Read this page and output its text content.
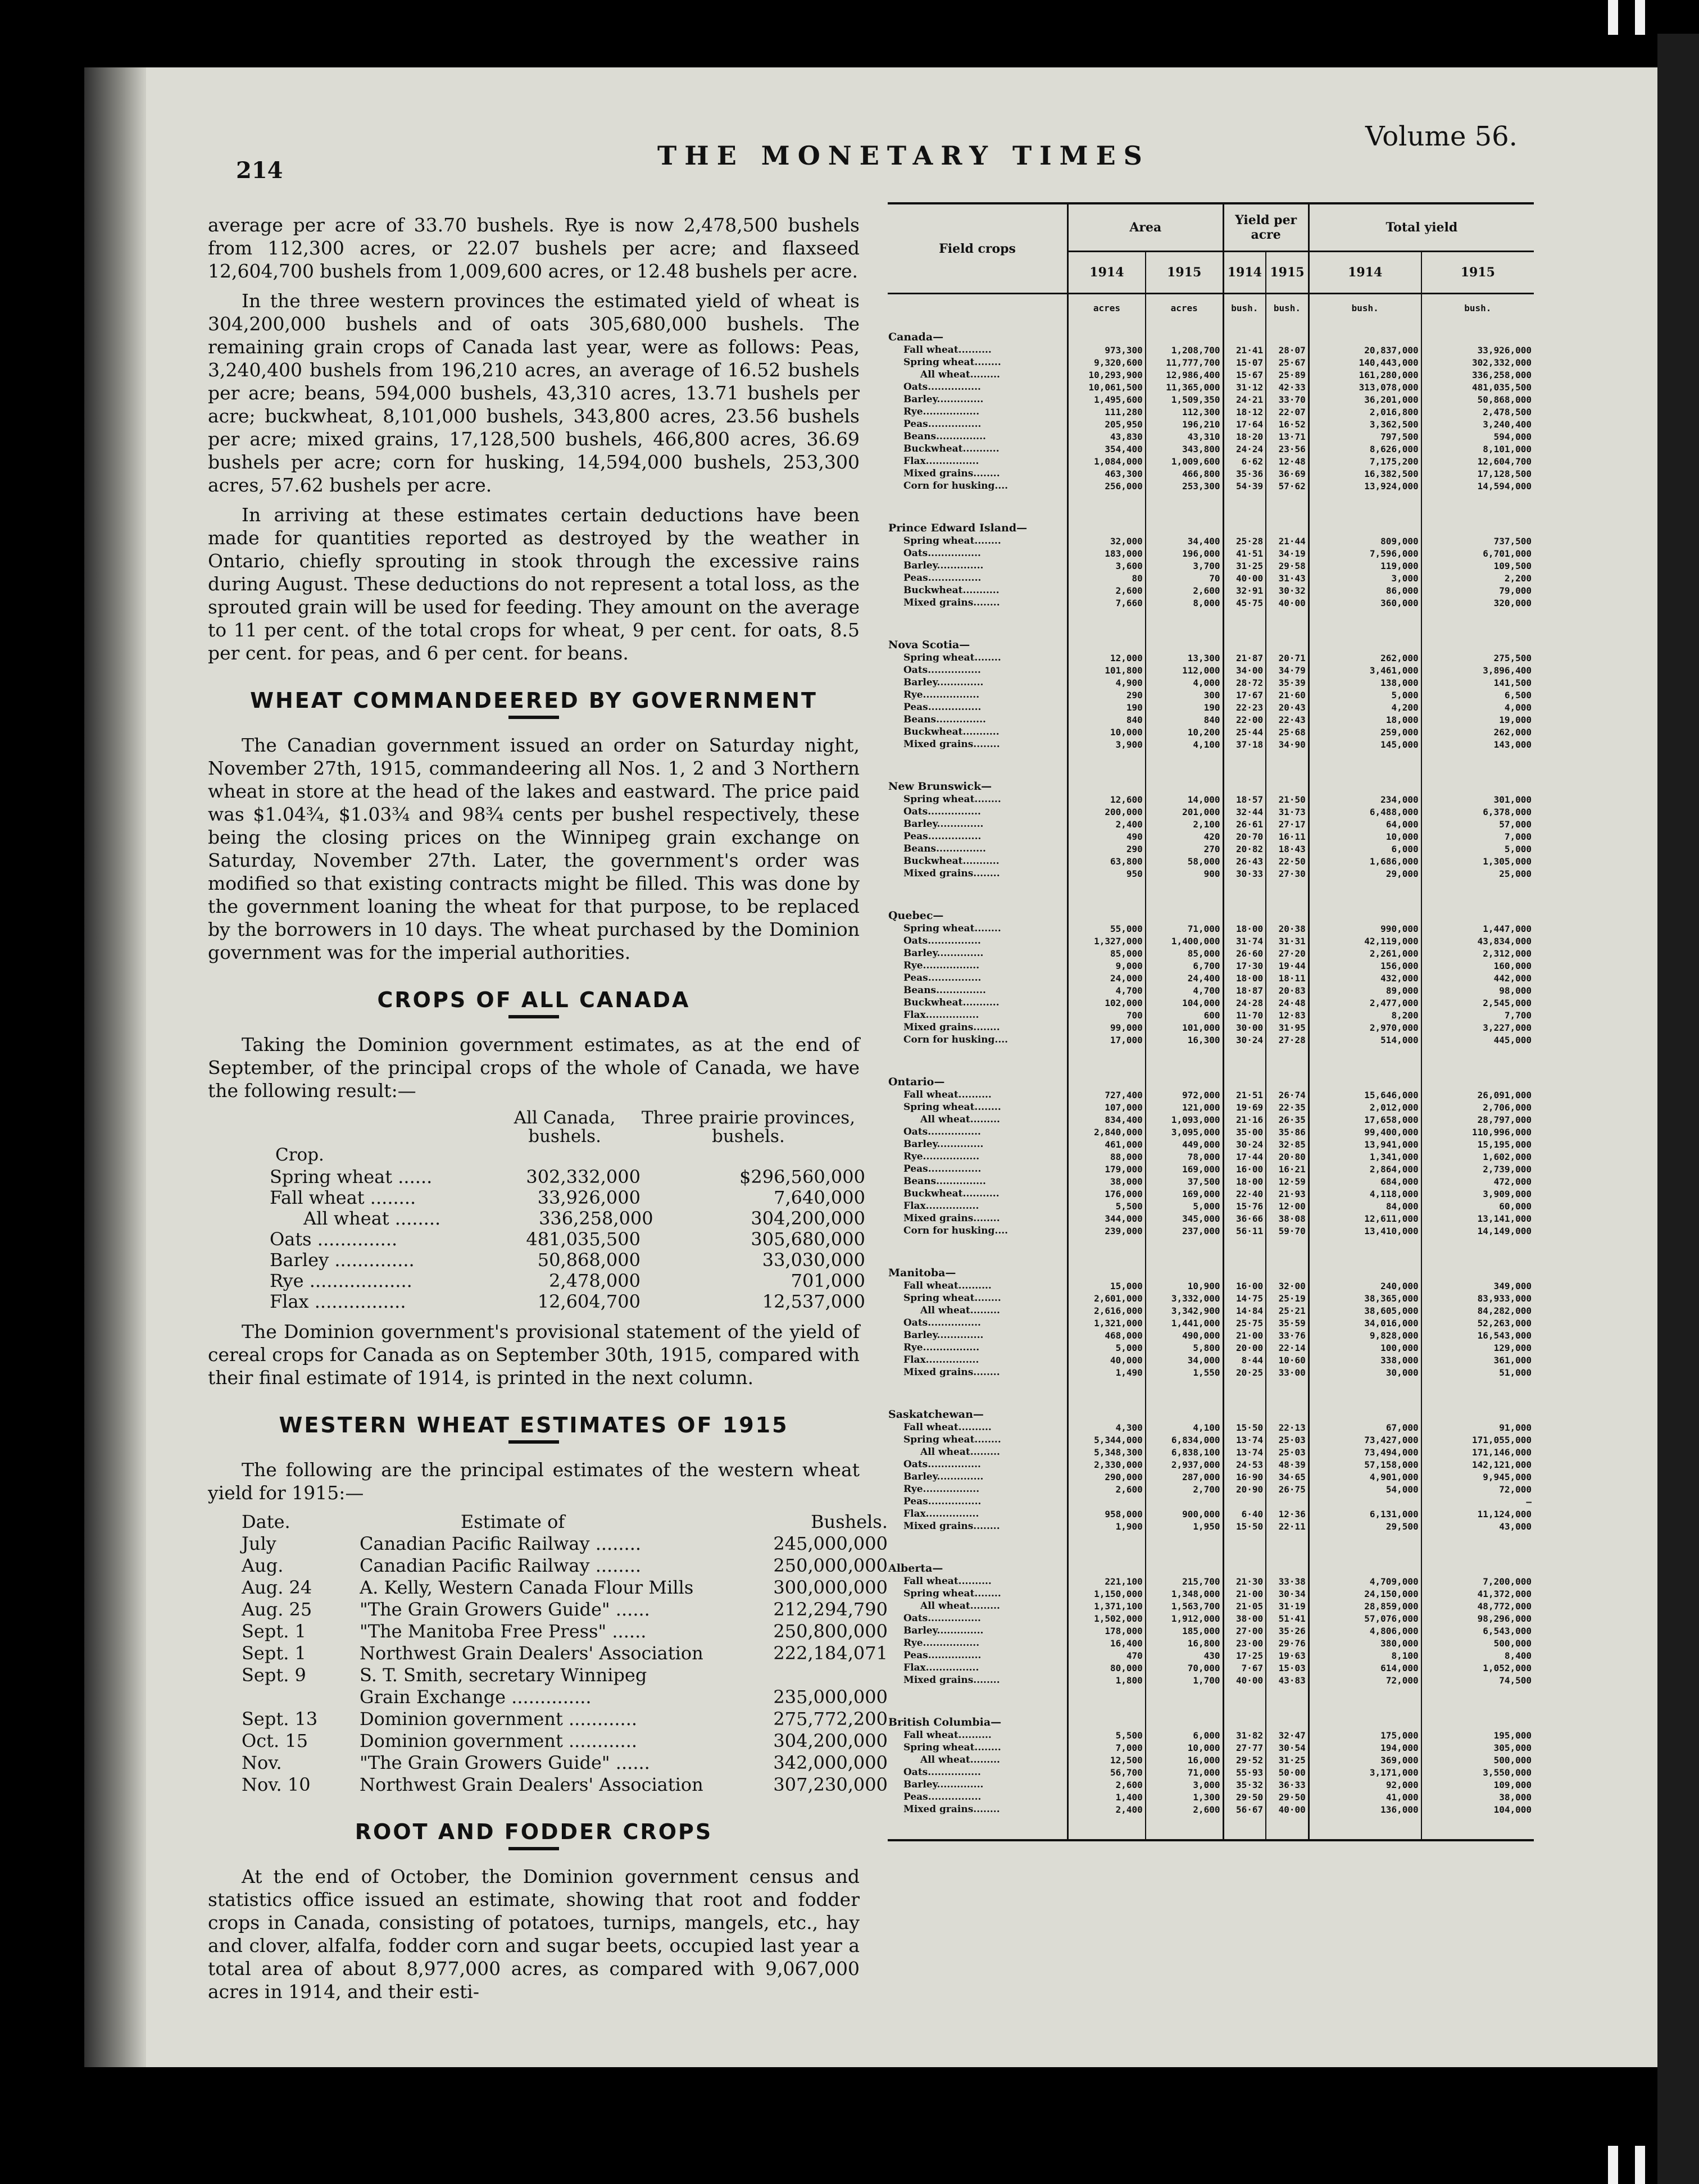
214	THE MONETARY TIMES
Volume 56.

average per acre of 33.70 bushels. Rye is now 2,478,500 bushels from 112,300 acres, or 22.07 bushels per acre; and flaxseed 12,604,700 bushels from 1,009,600 acres, or 12.48 bushels per acre.

In the three western provinces the estimated yield of wheat is 304,200,000 bushels and of oats 305,680,000 bushels. The remaining grain crops of Canada last year, were as follows: Peas, 3,240,400 bushels from 196,210 acres, an average of 16.52 bushels per acre; beans, 594,000 bushels, 43,310 acres, 13.71 bushels per acre; buckwheat, 8,101,000 bushels, 343,800 acres, 23.56 bushels per acre; mixed grains, 17,128,500 bushels, 466,800 acres, 36.69 bushels per acre; corn for husking, 14,594,000 bushels, 253,300 acres, 57.62 bushels per acre.

In arriving at these estimates certain deductions have been made for quantities reported as destroyed by the weather in Ontario, chiefly sprouting in stook through the excessive rains during August. These deductions do not represent a total loss, as the sprouted grain will be used for feeding. They amount on the average to 11 per cent. of the total crops for wheat, 9 per cent. for oats, 8.5 per cent. for peas, and 6 per cent. for beans.

WHEAT COMMANDEERED BY GOVERNMENT

The Canadian government issued an order on Saturday night, November 27th, 1915, commandeering all Nos. 1, 2 and 3 Northern wheat in store at the head of the lakes and eastward. The price paid was $1.04¾, $1.03¾ and 98¾ cents per bushel respectively, these being the closing prices on the Winnipeg grain exchange on Saturday, November 27th. Later, the government's order was modified so that existing contracts might be filled. This was done by the government loaning the wheat for that purpose, to be replaced by the borrowers in 10 days. The wheat purchased by the Dominion government was for the imperial authorities.

CROPS OF ALL CANADA

Taking the Dominion government estimates, as at the end of September, of the principal crops of the whole of Canada, we have the following result:—

Crop.
All Canada, bushels.
Three prairie provinces, bushels.
Spring wheat ......	302,332,000	$296,560,000
Fall wheat ........	33,926,000	7,640,000
All wheat ........	336,258,000	304,200,000
Oats ..............	481,035,500	305,680,000
Barley ..............	50,868,000	33,030,000
Rye ..................	2,478,000	701,000
Flax ................	12,604,700	12,537,000

The Dominion government's provisional statement of the yield of cereal crops for Canada as on September 30th, 1915, compared with their final estimate of 1914, is printed in the next column.

WESTERN WHEAT ESTIMATES OF 1915

The following are the principal estimates of the western wheat yield for 1915:—

Date.	Estimate of	Bushels.
July	Canadian Pacific Railway ........	245,000,000
Aug.	Canadian Pacific Railway ........	250,000,000
Aug. 24	A. Kelly, Western Canada Flour Mills	300,000,000
Aug. 25	"The Grain Growers Guide" ......	212,294,790
Sept. 1	"The Manitoba Free Press" ......	250,800,000
Sept. 1	Northwest Grain Dealers' Association	222,184,071
Sept. 9	S. T. Smith, secretary Winnipeg
Grain Exchange ..............	235,000,000
Sept. 13	Dominion government ............	275,772,200
Oct. 15	Dominion government ............	304,200,000
Nov.	"The Grain Growers Guide" ......	342,000,000
Nov. 10	Northwest Grain Dealers' Association	307,230,000
ROOT AND FODDER CROPS

At the end of October, the Dominion government census and statistics office issued an estimate, showing that root and fodder crops in Canada, consisting of potatoes, turnips, mangels, etc., hay and clover, alfalfa, fodder corn and sugar beets, occupied last year a total area of about 8,977,000 acres, as compared with 9,067,000 acres in 1914, and their esti-

Field crops	Area		Yield per acre		Total yield	
	1914	1915	1914	1915	1914	1915
	acres	acres	bush.	bush.	bush.	bush.

Canada—						
Fall wheat..........	973,300	1,208,700	21·41	28·07	20,837,000	33,926,000
Spring wheat........	9,320,600	11,777,700	15·07	25·67	140,443,000	302,332,000
All wheat.........	10,293,900	12,986,400	15·67	25·89	161,280,000	336,258,000
Oats................	10,061,500	11,365,000	31·12	42·33	313,078,000	481,035,500
Barley..............	1,495,600	1,509,350	24·21	33·70	36,201,000	50,868,000
Rye.................	111,280	112,300	18·12	22·07	2,016,800	2,478,500
Peas................	205,950	196,210	17·64	16·52	3,362,500	3,240,400
Beans...............	43,830	43,310	18·20	13·71	797,500	594,000
Buckwheat...........	354,400	343,800	24·24	23·56	8,626,000	8,101,000
Flax................	1,084,000	1,009,600	6·62	12·48	7,175,200	12,604,700
Mixed grains........	463,300	466,800	35·36	36·69	16,382,500	17,128,500
Corn for husking....	256,000	253,300	54·39	57·62	13,924,000	14,594,000

Prince Edward Island—						
Spring wheat........	32,000	34,400	25·28	21·44	809,000	737,500
Oats................	183,000	196,000	41·51	34·19	7,596,000	6,701,000
Barley..............	3,600	3,700	31·25	29·58	119,000	109,500
Peas................	80	70	40·00	31·43	3,000	2,200
Buckwheat...........	2,600	2,600	32·91	30·32	86,000	79,000
Mixed grains........	7,660	8,000	45·75	40·00	360,000	320,000

Nova Scotia—						
Spring wheat........	12,000	13,300	21·87	20·71	262,000	275,500
Oats................	101,800	112,000	34·00	34·79	3,461,000	3,896,400
Barley..............	4,900	4,000	28·72	35·39	138,000	141,500
Rye.................	290	300	17·67	21·60	5,000	6,500
Peas................	190	190	22·23	20·43	4,200	4,000
Beans...............	840	840	22·00	22·43	18,000	19,000
Buckwheat...........	10,000	10,200	25·44	25·68	259,000	262,000
Mixed grains........	3,900	4,100	37·18	34·90	145,000	143,000

New Brunswick—						
Spring wheat........	12,600	14,000	18·57	21·50	234,000	301,000
Oats................	200,000	201,000	32·44	31·73	6,488,000	6,378,000
Barley..............	2,400	2,100	26·61	27·17	64,000	57,000
Peas................	490	420	20·70	16·11	10,000	7,000
Beans...............	290	270	20·82	18·43	6,000	5,000
Buckwheat...........	63,800	58,000	26·43	22·50	1,686,000	1,305,000
Mixed grains........	950	900	30·33	27·30	29,000	25,000

Quebec—						
Spring wheat........	55,000	71,000	18·00	20·38	990,000	1,447,000
Oats................	1,327,000	1,400,000	31·74	31·31	42,119,000	43,834,000
Barley..............	85,000	85,000	26·60	27·20	2,261,000	2,312,000
Rye.................	9,000	6,700	17·30	19·44	156,000	160,000
Peas................	24,000	24,400	18·00	18·11	432,000	442,000
Beans...............	4,700	4,700	18·87	20·83	89,000	98,000
Buckwheat...........	102,000	104,000	24·28	24·48	2,477,000	2,545,000
Flax................	700	600	11·70	12·83	8,200	7,700
Mixed grains........	99,000	101,000	30·00	31·95	2,970,000	3,227,000
Corn for husking....	17,000	16,300	30·24	27·28	514,000	445,000

Ontario—						
Fall wheat..........	727,400	972,000	21·51	26·74	15,646,000	26,091,000
Spring wheat........	107,000	121,000	19·69	22·35	2,012,000	2,706,000
All wheat.........	834,400	1,093,000	21·16	26·35	17,658,000	28,797,000
Oats................	2,840,000	3,095,000	35·00	35·86	99,400,000	110,996,000
Barley..............	461,000	449,000	30·24	32·85	13,941,000	15,195,000
Rye.................	88,000	78,000	17·44	20·80	1,341,000	1,602,000
Peas................	179,000	169,000	16·00	16·21	2,864,000	2,739,000
Beans...............	38,000	37,500	18·00	12·59	684,000	472,000
Buckwheat...........	176,000	169,000	22·40	21·93	4,118,000	3,909,000
Flax................	5,500	5,000	15·76	12·00	84,000	60,000
Mixed grains........	344,000	345,000	36·66	38·08	12,611,000	13,141,000
Corn for husking....	239,000	237,000	56·11	59·70	13,410,000	14,149,000

Manitoba—						
Fall wheat..........	15,000	10,900	16·00	32·00	240,000	349,000
Spring wheat........	2,601,000	3,332,000	14·75	25·19	38,365,000	83,933,000
All wheat.........	2,616,000	3,342,900	14·84	25·21	38,605,000	84,282,000
Oats................	1,321,000	1,441,000	25·75	35·59	34,016,000	52,263,000
Barley..............	468,000	490,000	21·00	33·76	9,828,000	16,543,000
Rye.................	5,000	5,800	20·00	22·14	100,000	129,000
Flax................	40,000	34,000	8·44	10·60	338,000	361,000
Mixed grains........	1,490	1,550	20·25	33·00	30,000	51,000

Saskatchewan—						
Fall wheat..........	4,300	4,100	15·50	22·13	67,000	91,000
Spring wheat........	5,344,000	6,834,000	13·74	25·03	73,427,000	171,055,000
All wheat.........	5,348,300	6,838,100	13·74	25·03	73,494,000	171,146,000
Oats................	2,330,000	2,937,000	24·53	48·39	57,158,000	142,121,000
Barley..............	290,000	287,000	16·90	34·65	4,901,000	9,945,000
Rye.................	2,600	2,700	20·90	26·75	54,000	72,000
Peas................						—
Flax................	958,000	900,000	6·40	12·36	6,131,000	11,124,000
Mixed grains........	1,900	1,950	15·50	22·11	29,500	43,000

Alberta—						
Fall wheat..........	221,100	215,700	21·30	33·38	4,709,000	7,200,000
Spring wheat........	1,150,000	1,348,000	21·00	30·34	24,150,000	41,372,000
All wheat.........	1,371,100	1,563,700	21·05	31·19	28,859,000	48,772,000
Oats................	1,502,000	1,912,000	38·00	51·41	57,076,000	98,296,000
Barley..............	178,000	185,000	27·00	35·26	4,806,000	6,543,000
Rye.................	16,400	16,800	23·00	29·76	380,000	500,000
Peas................	470	430	17·25	19·63	8,100	8,400
Flax................	80,000	70,000	7·67	15·03	614,000	1,052,000
Mixed grains........	1,800	1,700	40·00	43·83	72,000	74,500

British Columbia—						
Fall wheat..........	5,500	6,000	31·82	32·47	175,000	195,000
Spring wheat........	7,000	10,000	27·77	30·54	194,000	305,000
All wheat.........	12,500	16,000	29·52	31·25	369,000	500,000
Oats................	56,700	71,000	55·93	50·00	3,171,000	3,550,000
Barley..............	2,600	3,000	35·32	36·33	92,000	109,000
Peas................	1,400	1,300	29·50	29·50	41,000	38,000
Mixed grains........	2,400	2,600	56·67	40·00	136,000	104,000
